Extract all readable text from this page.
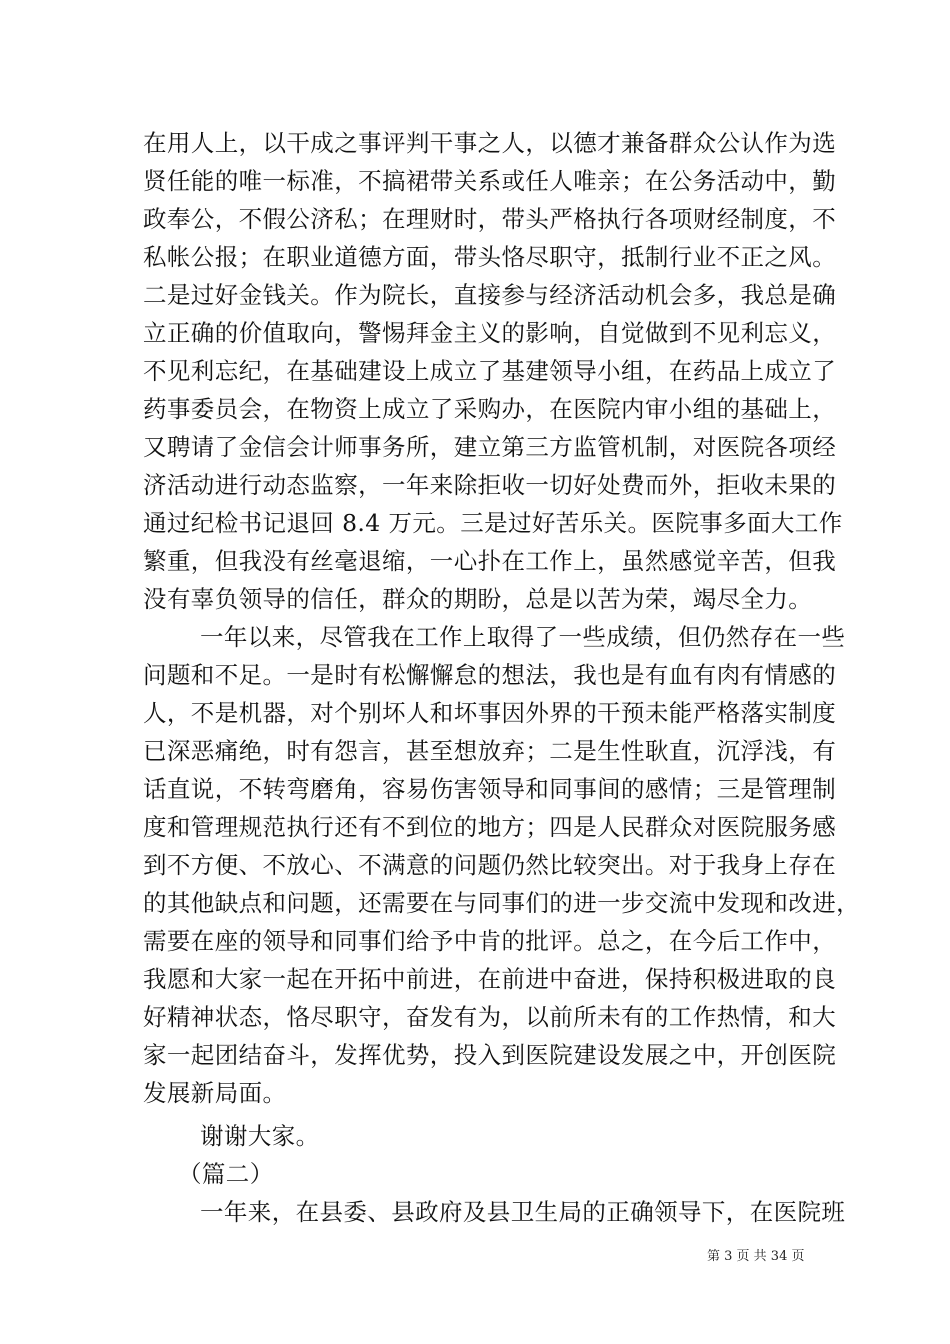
在用人上，以干成之事评判干事之人，以德才兼备群众公认作为选
贤任能的唯一标准，不搞裙带关系或任人唯亲；在公务活动中，勤
政奉公，不假公济私；在理财时，带头严格执行各项财经制度，不
私帐公报；在职业道德方面，带头恪尽职守，抵制行业不正之风。
二是过好金钱关。作为院长，直接参与经济活动机会多，我总是确
立正确的价值取向，警惕拜金主义的影响，自觉做到不见利忘义，
不见利忘纪，在基础建设上成立了基建领导小组，在药品上成立了
药事委员会，在物资上成立了采购办，在医院内审小组的基础上，
又聘请了金信会计师事务所，建立第三方监管机制，对医院各项经
济活动进行动态监察，一年来除拒收一切好处费而外，拒收未果的
通过纪检书记退回 8.4 万元。三是过好苦乐关。医院事多面大工作
繁重，但我没有丝毫退缩，一心扑在工作上，虽然感觉辛苦，但我
没有辜负领导的信任，群众的期盼，总是以苦为荣，竭尽全力。
一年以来，尽管我在工作上取得了一些成绩，但仍然存在一些
问题和不足。一是时有松懈懈怠的想法，我也是有血有肉有情感的
人，不是机器，对个别坏人和坏事因外界的干预未能严格落实制度
已深恶痛绝，时有怨言，甚至想放弃；二是生性耿直，沉浮浅，有
话直说，不转弯磨角，容易伤害领导和同事间的感情；三是管理制
度和管理规范执行还有不到位的地方；四是人民群众对医院服务感
到不方便、不放心、不满意的问题仍然比较突出。对于我身上存在
的其他缺点和问题，还需要在与同事们的进一步交流中发现和改进，
需要在座的领导和同事们给予中肯的批评。总之，在今后工作中，
我愿和大家一起在开拓中前进，在前进中奋进，保持积极进取的良
好精神状态，恪尽职守，奋发有为，以前所未有的工作热情，和大
家一起团结奋斗，发挥优势，投入到医院建设发展之中，开创医院
发展新局面。
谢谢大家。
（篇二）
一年来，在县委、县政府及县卫生局的正确领导下，在医院班
第 3 页 共 34 页
